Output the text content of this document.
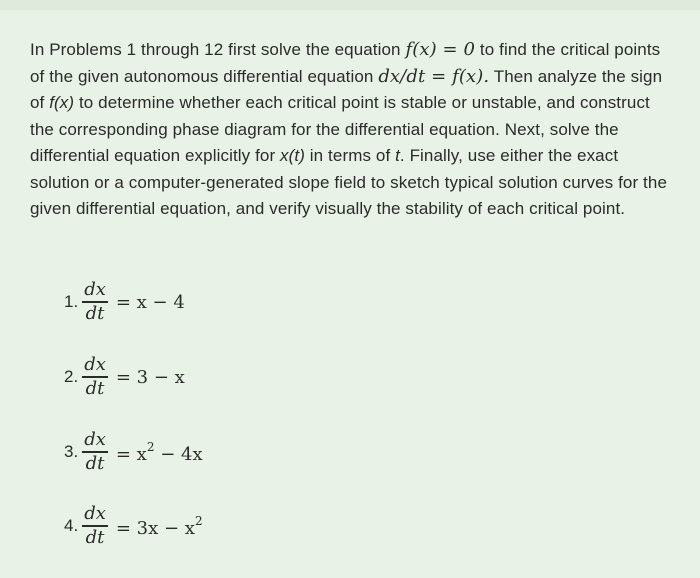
In Problems 1 through 12 first solve the equation f(x) = 0 to find the critical points of the given autonomous differential equation dx/dt = f(x). Then analyze the sign of f(x) to determine whether each critical point is stable or unstable, and construct the corresponding phase diagram for the differential equation. Next, solve the differential equation explicitly for x(t) in terms of t. Finally, use either the exact solution or a computer-generated slope field to sketch typical solution curves for the given differential equation, and verify visually the stability of each critical point.
1. $\frac{dx}{dt} = x - 4$
2. $\frac{dx}{dt} = 3 - x$
3. $\frac{dx}{dt} = x^2 - 4x$
4. $\frac{dx}{dt} = 3x - x^2$
